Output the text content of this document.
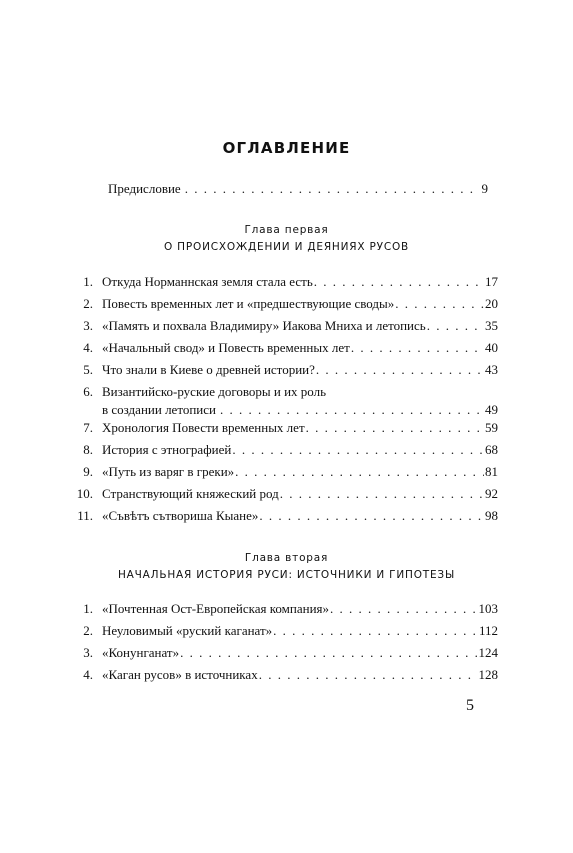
ОГЛАВЛЕНИЕ
Предисловие . . .	9
Глава первая
О ПРОИСХОЖДЕНИИ И ДЕЯНИЯХ РУСОВ
1. Откуда Норманнская земля стала есть . . .	17
2. Повесть временных лет и «предшествующие своды» . . .	20
3. «Память и похвала Владимиру» Иакова Мниха и летопись . . .	35
4. «Начальный свод» и Повесть временных лет . . .	40
5. Что знали в Киеве о древней истории? . . .	43
6. Византийско-руские договоры и их роль
в создании летописи . . .	49
7. Хронология Повести временных лет . . .	59
8. История с этнографией . . .	68
9. «Путь из варяг в греки» . . .	81
10. Странствующий княжеский род . . .	92
11. «Съвѣтъ сътвориша Кыане» . . .	98
Глава вторая
НАЧАЛЬНАЯ ИСТОРИЯ РУСИ: ИСТОЧНИКИ И ГИПОТЕЗЫ
1. «Почтенная Ост-Европейская компания» . . .	103
2. Неуловимый «руский каганат» . . .	112
3. «Конунганат» . . .	124
4. «Каган русов» в источниках . . .	128
5
